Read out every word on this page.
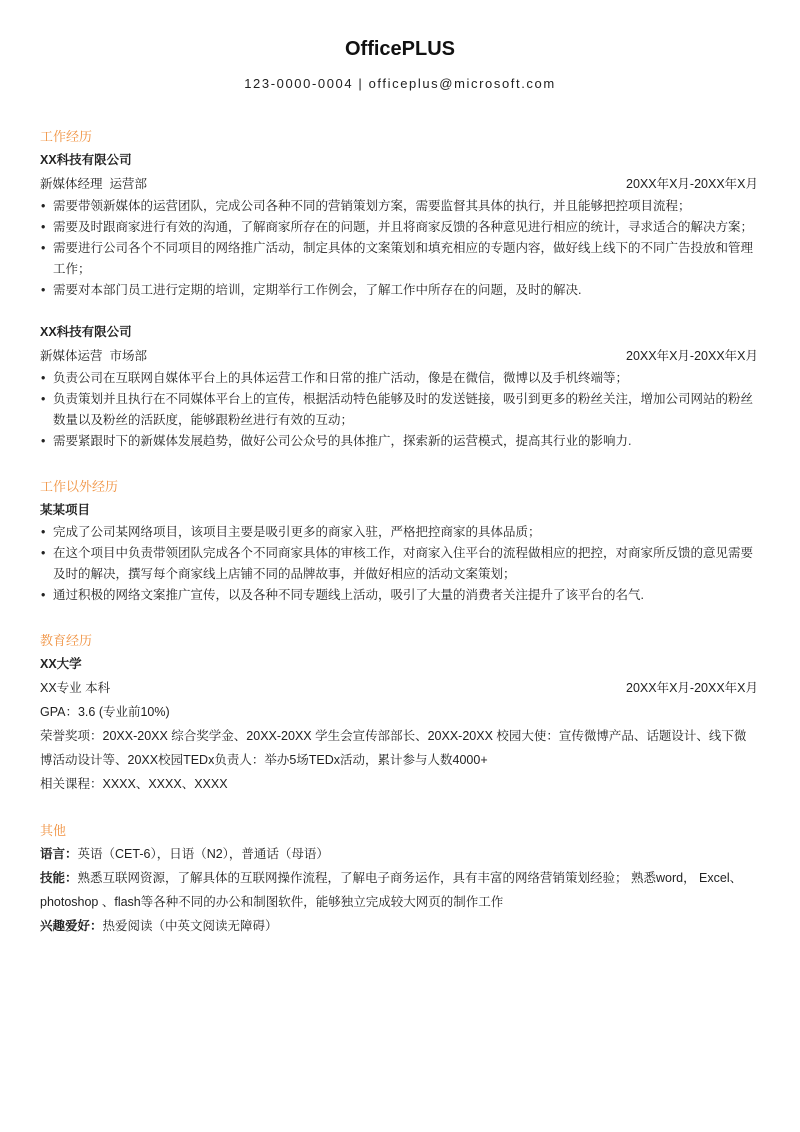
OfficePLUS
123-0000-0004 | officeplus@microsoft.com
工作经历
XX科技有限公司
新媒体经理  运营部	20XX年X月-20XX年X月
• 需要带领新媒体的运营团队，完成公司各种不同的营销策划方案，需要监督其具体的执行，并且能够把控项目流程；
• 需要及时跟商家进行有效的沟通，了解商家所存在的问题，并且将商家反馈的各种意见进行相应的统计，寻求适合的解决方案；
• 需要进行公司各个不同项目的网络推广活动，制定具体的文案策划和填充相应的专题内容，做好线上线下的不同广告投放和管理工作；
• 需要对本部门员工进行定期的培训，定期举行工作例会，了解工作中所存在的问题，及时的解决.
XX科技有限公司
新媒体运营  市场部	20XX年X月-20XX年X月
• 负责公司在互联网自媒体平台上的具体运营工作和日常的推广活动，像是在微信，微博以及手机终端等；
• 负责策划并且执行在不同媒体平台上的宣传，根据活动特色能够及时的发送链接，吸引到更多的粉丝关注，增加公司网站的粉丝数量以及粉丝的活跃度，能够跟粉丝进行有效的互动；
• 需要紧跟时下的新媒体发展趋势，做好公司公众号的具体推广，探索新的运营模式，提高其行业的影响力.
工作以外经历
某某项目
• 完成了公司某网络项目，该项目主要是吸引更多的商家入驻，严格把控商家的具体品质；
• 在这个项目中负责带领团队完成各个不同商家具体的审核工作，对商家入住平台的流程做相应的把控，对商家所反馈的意见需要及时的解决，撰写每个商家线上店铺不同的品牌故事，并做好相应的活动文案策划；
• 通过积极的网络文案推广宣传，以及各种不同专题线上活动，吸引了大量的消费者关注提升了该平台的名气.
教育经历
XX大学
XX专业 本科	20XX年X月-20XX年X月
GPA：3.6 (专业前10%)
荣誉奖项：20XX-20XX 综合奖学金、20XX-20XX 学生会宣传部部长、20XX-20XX 校园大使：宣传微博产品、话题设计、线下微博活动设计等、20XX校园TEDx负责人：举办5场TEDx活动，累计参与人数4000+
相关课程：XXXX、XXXX、XXXX
其他
语言：英语（CET-6），日语（N2），普通话（母语）
技能：熟悉互联网资源，了解具体的互联网操作流程，了解电子商务运作，具有丰富的网络营销策划经验； 熟悉word， Excel、photoshop 、flash等各种不同的办公和制图软件，能够独立完成较大网页的制作工作
兴趣爱好：热爱阅读（中英文阅读无障碍）
